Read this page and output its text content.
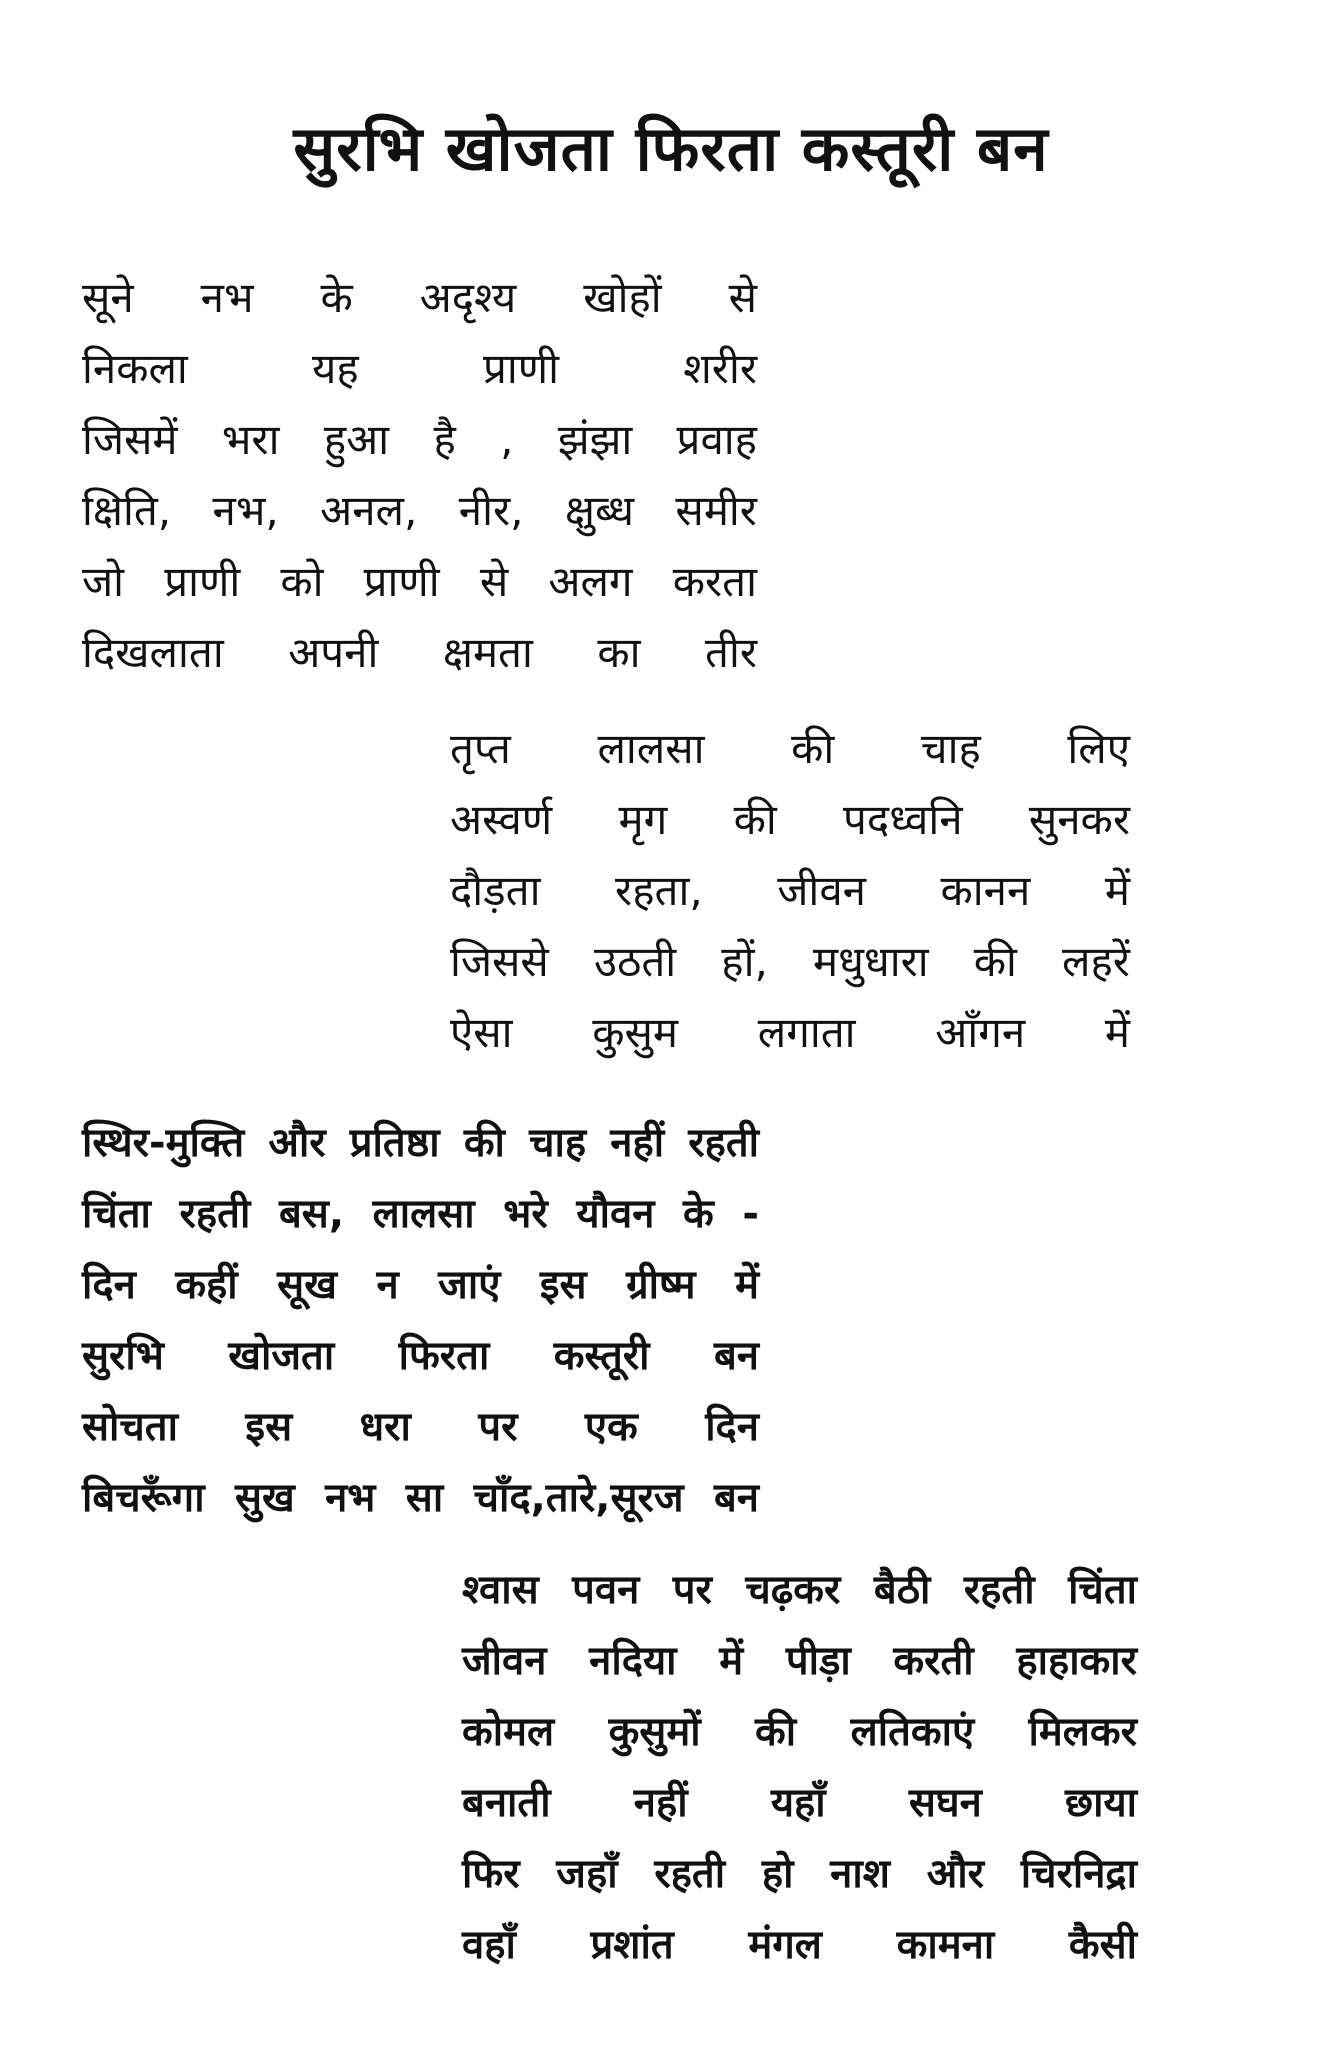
सुरभि खोजता फिरता कस्तूरी बन
सूने नभ के अदृश्य खोहों से
निकला यह प्राणी शरीर
जिसमें भरा हुआ है , झंझा प्रवाह
क्षिति, नभ, अनल, नीर, क्षुब्ध समीर
जो प्राणी को प्राणी से अलग करता
दिखलाता अपनी क्षमता का तीर
तृप्त लालसा की चाह लिए
अस्वर्ण मृग की पदध्वनि सुनकर
दौड़ता रहता, जीवन कानन में
जिससे उठती हों, मधुधारा की लहरें
ऐसा कुसुम लगाता आँगन में
स्थिर-मुक्ति और प्रतिष्ठा की चाह नहीं रहती
चिंता रहती बस, लालसा भरे यौवन के -
दिन कहीं सूख न जाएं इस ग्रीष्म में
सुरभि खोजता फिरता कस्तूरी बन
सोचता इस धरा पर एक दिन
बिचरूँगा सुख नभ सा चाँद,तारे,सूरज बन
श्वास पवन पर चढ़कर बैठी रहती चिंता
जीवन नदिया में पीड़ा करती हाहाकार
कोमल कुसुमों की लतिकाएं मिलकर
बनाती नहीं यहाँ सघन छाया
फिर जहाँ रहती हो नाश और चिरनिद्रा
वहाँ प्रशांत मंगल कामना कैसी
